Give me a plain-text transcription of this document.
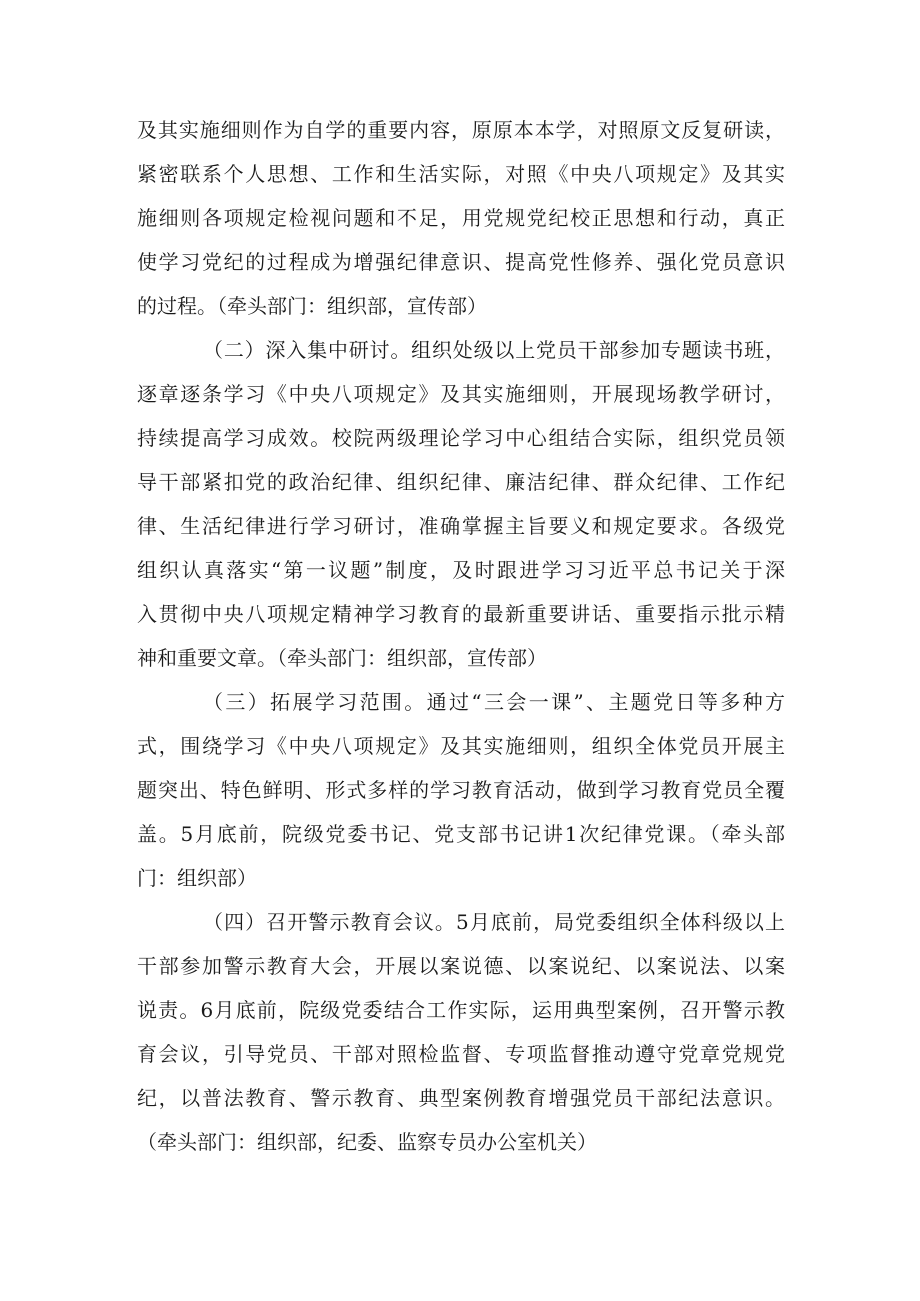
及其实施细则作为自学的重要内容，原原本本学，对照原文反复研读，
紧密联系个人思想、工作和生活实际，对照《中央八项规定》及其实
施细则各项规定检视问题和不足，用党规党纪校正思想和行动，真正
使学习党纪的过程成为增强纪律意识、提高党性修养、强化党员意识
的过程。（牵头部门：组织部，宣传部）
（二）深入集中研讨。组织处级以上党员干部参加专题读书班，
逐章逐条学习《中央八项规定》及其实施细则，开展现场教学研讨，
持续提高学习成效。校院两级理论学习中心组结合实际，组织党员领
导干部紧扣党的政治纪律、组织纪律、廉洁纪律、群众纪律、工作纪
律、生活纪律进行学习研讨，准确掌握主旨要义和规定要求。各级党
组织认真落实“第一议题”制度，及时跟进学习习近平总书记关于深
入贯彻中央八项规定精神学习教育的最新重要讲话、重要指示批示精
神和重要文章。（牵头部门：组织部，宣传部）
（三）拓展学习范围。通过“三会一课”、主题党日等多种方
式，围绕学习《中央八项规定》及其实施细则，组织全体党员开展主
题突出、特色鲜明、形式多样的学习教育活动，做到学习教育党员全覆
盖。5月底前，院级党委书记、党支部书记讲1次纪律党课。（牵头部
门：组织部）
（四）召开警示教育会议。5月底前，局党委组织全体科级以上
干部参加警示教育大会，开展以案说德、以案说纪、以案说法、以案
说责。6月底前，院级党委结合工作实际，运用典型案例，召开警示教
育会议，引导党员、干部对照检监督、专项监督推动遵守党章党规党
纪，以普法教育、警示教育、典型案例教育增强党员干部纪法意识。
（牵头部门：组织部，纪委、监察专员办公室机关）
